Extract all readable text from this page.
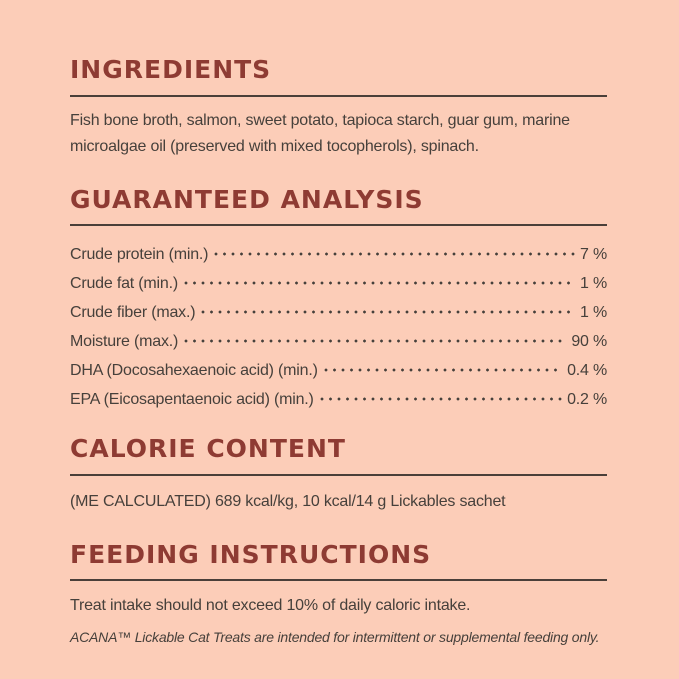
INGREDIENTS
Fish bone broth, salmon, sweet potato, tapioca starch, guar gum, marine
microalgae oil (preserved with mixed tocopherols), spinach.
GUARANTEED ANALYSIS
Crude protein (min.)	7 %
Crude fat (min.)	1 %
Crude fiber (max.)	1 %
Moisture (max.)	90 %
DHA (Docosahexaenoic acid) (min.)	0.4 %
EPA (Eicosapentaenoic acid) (min.)	0.2 %
CALORIE CONTENT
(ME CALCULATED) 689 kcal/kg, 10 kcal/14 g Lickables sachet
FEEDING INSTRUCTIONS
Treat intake should not exceed 10% of daily caloric intake.
ACANA™ Lickable Cat Treats are intended for intermittent or supplemental feeding only.
